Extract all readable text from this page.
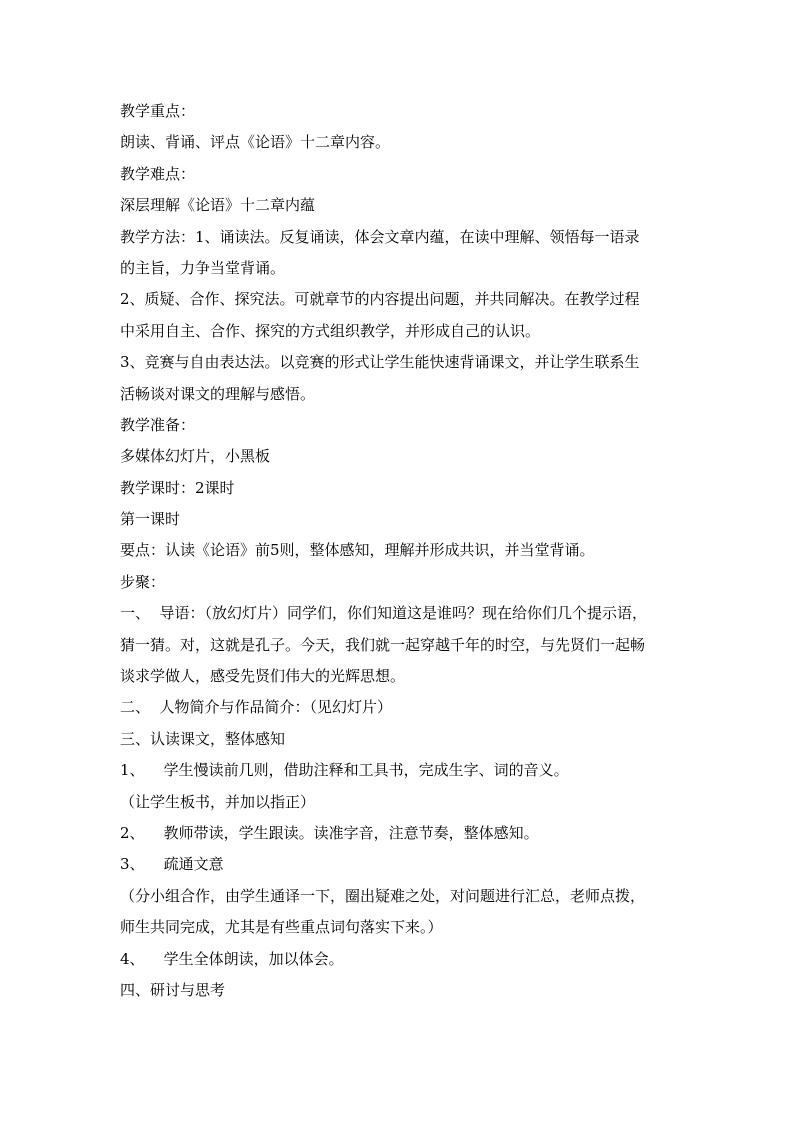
教学重点：
朗读、背诵、评点《论语》十二章内容。
教学难点：
深层理解《论语》十二章内蕴
教学方法：1、诵读法。反复诵读，体会文章内蕴，在读中理解、领悟每一语录
的主旨，力争当堂背诵。
2、质疑、合作、探究法。可就章节的内容提出问题，并共同解决。在教学过程
中采用自主、合作、探究的方式组织教学，并形成自己的认识。
3、竞赛与自由表达法。以竞赛的形式让学生能快速背诵课文，并让学生联系生
活畅谈对课文的理解与感悟。
教学准备：
多媒体幻灯片，小黑板
教学课时：2课时
第一课时
要点：认读《论语》前5则，整体感知，理解并形成共识，并当堂背诵。
步聚：
一、  导语：（放幻灯片）同学们，你们知道这是谁吗？现在给你们几个提示语，
猜一猜。对，这就是孔子。今天，我们就一起穿越千年的时空，与先贤们一起畅
谈求学做人，感受先贤们伟大的光辉思想。
二、  人物简介与作品简介：（见幻灯片）
三、认读课文，整体感知
1、    学生慢读前几则，借助注释和工具书，完成生字、词的音义。
（让学生板书，并加以指正）
2、    教师带读，学生跟读。读准字音，注意节奏，整体感知。
3、    疏通文意
（分小组合作，由学生通译一下，圈出疑难之处，对问题进行汇总，老师点拨，
师生共同完成，尤其是有些重点词句落实下来。）
4、    学生全体朗读，加以体会。
四、研讨与思考
